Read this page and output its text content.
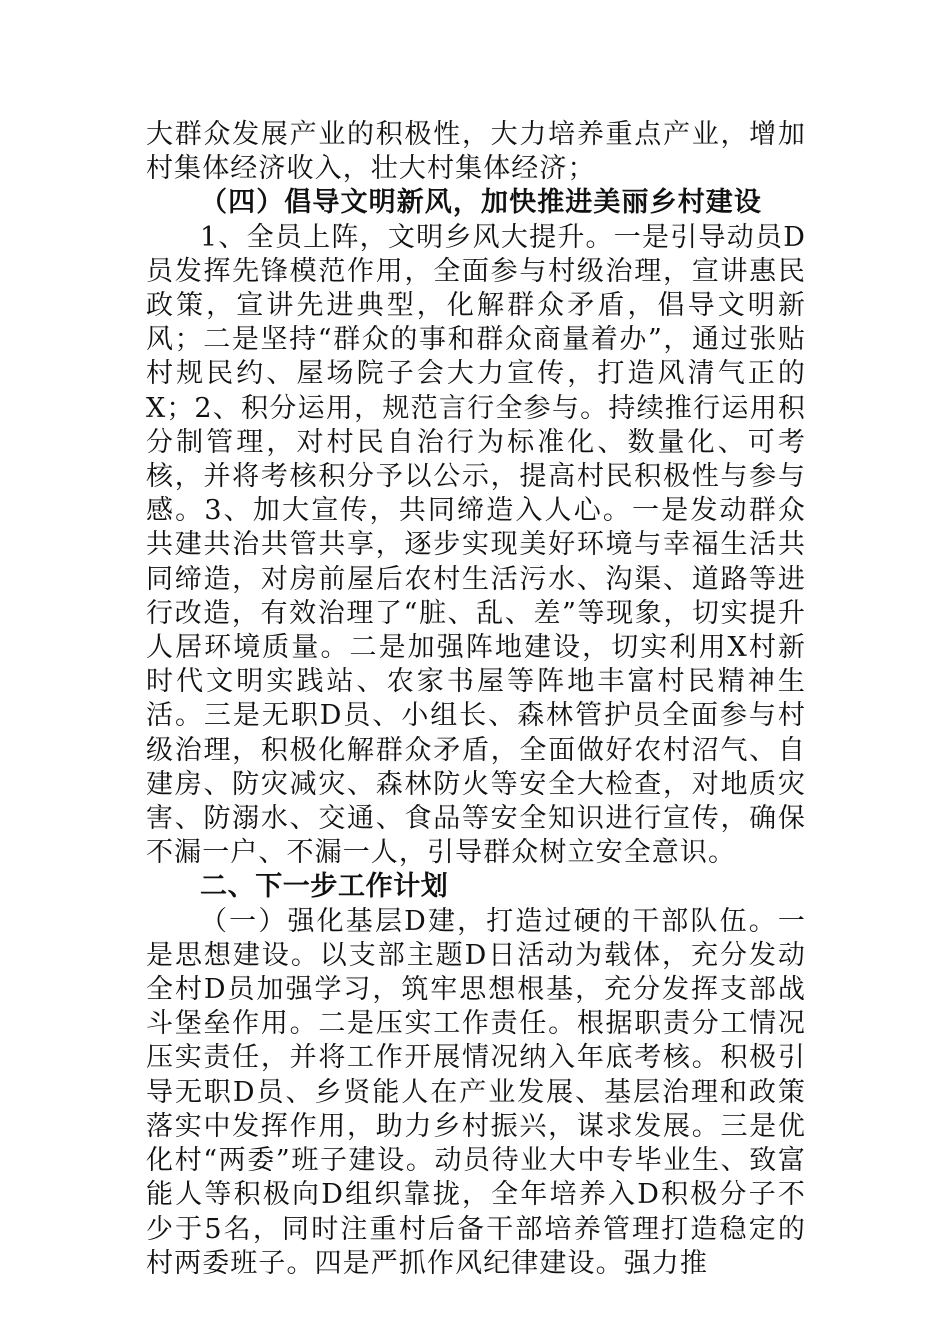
大群众发展产业的积极性，大力培养重点产业，增加村集体经济收入，壮大村集体经济；

（四）倡导文明新风，加快推进美丽乡村建设

1、全员上阵，文明乡风大提升。一是引导动员D员发挥先锋模范作用，全面参与村级治理，宣讲惠民政策，宣讲先进典型，化解群众矛盾，倡导文明新风；二是坚持“群众的事和群众商量着办”，通过张贴村规民约、屋场院子会大力宣传，打造风清气正的X；2、积分运用，规范言行全参与。持续推行运用积分制管理，对村民自治行为标准化、数量化、可考核，并将考核积分予以公示，提高村民积极性与参与感。3、加大宣传，共同缔造入人心。一是发动群众共建共治共管共享，逐步实现美好环境与幸福生活共同缔造，对房前屋后农村生活污水、沟渠、道路等进行改造，有效治理了“脏、乱、差”等现象，切实提升人居环境质量。二是加强阵地建设，切实利用X村新时代文明实践站、农家书屋等阵地丰富村民精神生活。三是无职D员、小组长、森林管护员全面参与村级治理，积极化解群众矛盾，全面做好农村沼气、自建房、防灾减灾、森林防火等安全大检查，对地质灾害、防溺水、交通、食品等安全知识进行宣传，确保不漏一户、不漏一人，引导群众树立安全意识。

二、下一步工作计划

（一）强化基层D建，打造过硬的干部队伍。一是思想建设。以支部主题D日活动为载体，充分发动全村D员加强学习，筑牢思想根基，充分发挥支部战斗堡垒作用。二是压实工作责任。根据职责分工情况压实责任，并将工作开展情况纳入年底考核。积极引导无职D员、乡贤能人在产业发展、基层治理和政策落实中发挥作用，助力乡村振兴，谋求发展。三是优化村“两委”班子建设。动员待业大中专毕业生、致富能人等积极向D组织靠拢，全年培养入D积极分子不少于5名，同时注重村后备干部培养管理打造稳定的村两委班子。四是严抓作风纪律建设。强力推
